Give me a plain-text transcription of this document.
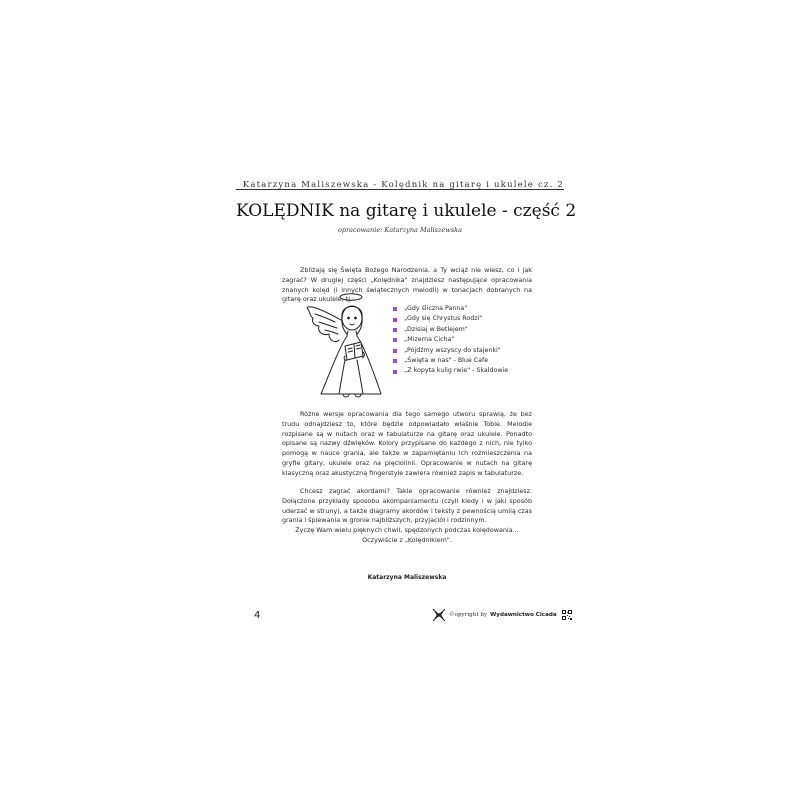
Katarzyna Maliszewska - Kolędnik na gitarę i ukulele cz. 2
KOLĘDNIK na gitarę i ukulele - część 2
opracowanie: Katarzyna Maliszewska

Zbliżają się Święta Bożego Narodzenia, a Ty wciąż nie wiesz, co i jak zagrać? W drugiej części „Kolędnika" znajdziesz następujące opracowania znanych kolęd (i innych świątecznych melodii) w tonacjach dobranych na gitarę oraz ukulele, tj.:

„Gdy śliczna Panna"
„Gdy się Chrystus Rodzi"
„Dzisiaj w Betlejem"
„Mizerna Cicha"
„Pójdźmy wszyscy do stajenki"
„Święta w nas" - Blue Cafe
„Z kopyta kulig rwie" - Skaldowie

Różne wersje opracowania dla tego samego utworu sprawią, że bez trudu odnajdziesz to, które będzie odpowiadało właśnie Tobie. Melodie rozpisane są w nutach oraz w tabulaturze na gitarę oraz ukulele. Ponadto opisane są nazwy dźwięków. Kolory przypisane do każdego z nich, nie tylko pomogą w nauce grania, ale także w zapamiętaniu ich rozmieszczenia na gryfie gitary, ukulele oraz na pięciolinii. Opracowanie w nutach na gitarę klasyczną oraz akustyczną fingerstyle zawiera również zapis w tabulaturze.

Chcesz zagrać akordami? Takie opracowanie również znajdziesz. Dołączone przykłady sposobu akompaniamentu (czyli kiedy i w jaki sposób uderzać w struny), a także diagramy akordów i teksty z pewnością umilą czas grania i śpiewania w gronie najbliższych, przyjaciół i rodzinnym.

Życzę Wam wielu pięknych chwil, spędzonych podczas kolędowania...
Oczywiście z „Kolędnikiem".
Katarzyna Maliszewska
4	©opyright by Wydawnictwo Cicada
